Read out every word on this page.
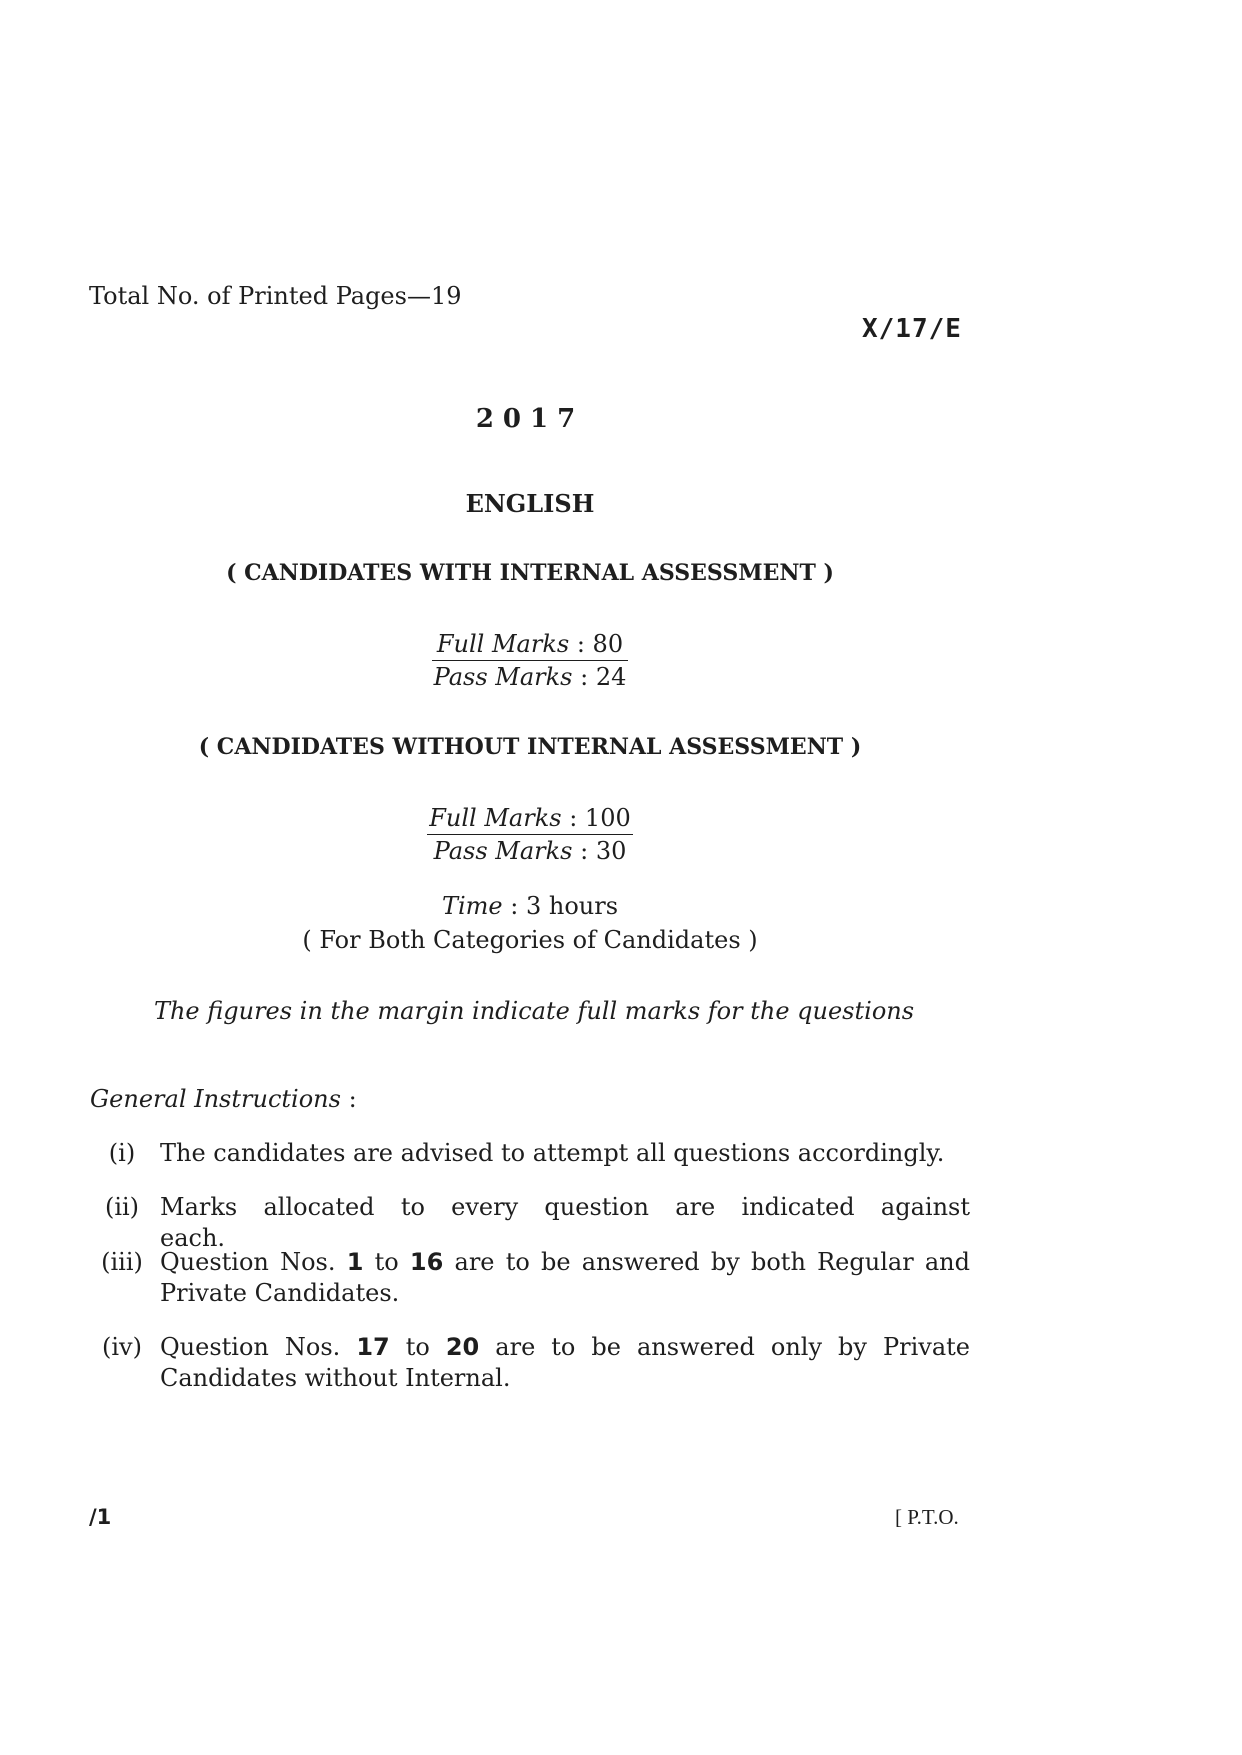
Total No. of Printed Pages—19
X/17/E
2017
ENGLISH
( CANDIDATES WITH INTERNAL ASSESSMENT )
Full Marks : 80
Pass Marks : 24
( CANDIDATES WITHOUT INTERNAL ASSESSMENT )
Full Marks : 100
Pass Marks : 30
Time : 3 hours
( For Both Categories of Candidates )
The figures in the margin indicate full marks for the questions
General Instructions :
(i)	The candidates are advised to attempt all questions accordingly.
(ii) Marks allocated to every question are indicated against each.
(iii) Question Nos. 1 to 16 are to be answered by both Regular and Private Candidates.
(iv) Question Nos. 17 to 20 are to be answered only by Private Candidates without Internal.
/1	[ P.T.O.
